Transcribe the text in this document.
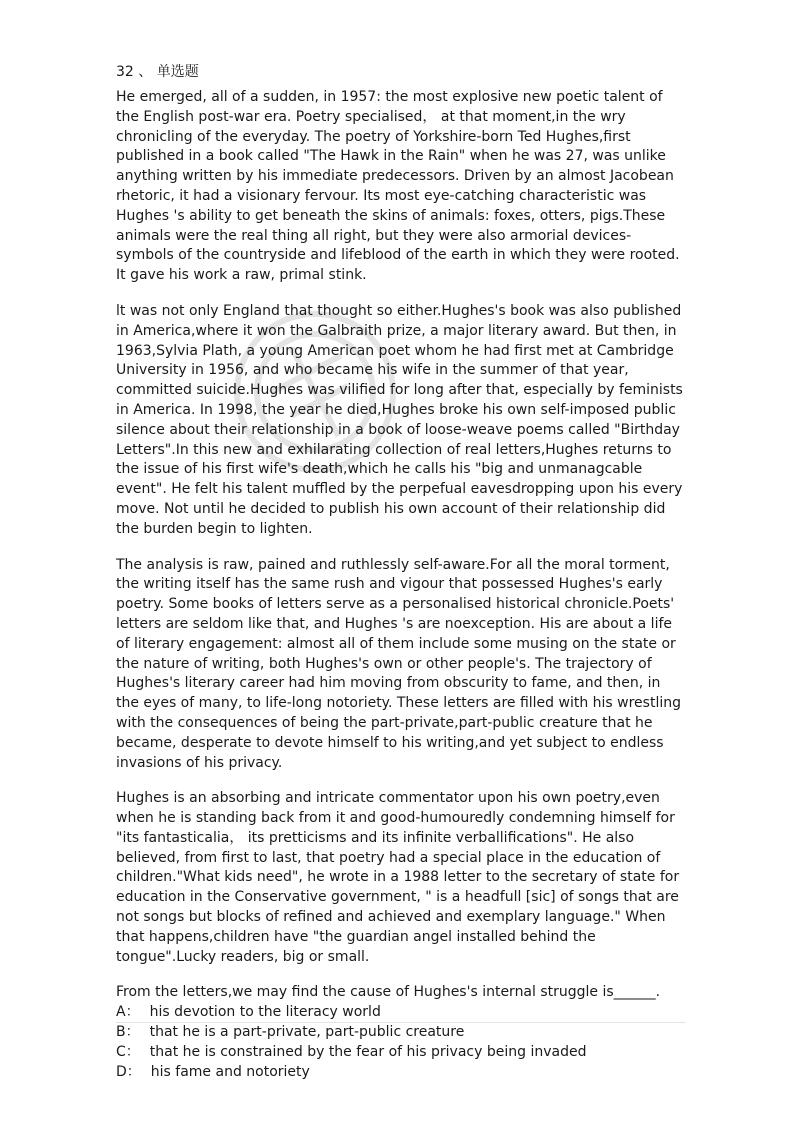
32 、 单选题

He emerged, all of a sudden, in 1957: the most explosive new poetic talent of the English post-war era. Poetry specialised， at that moment,in the wry chronicling of the everyday. The poetry of Yorkshire-born Ted Hughes,first published in a book called "The Hawk in the Rain" when he was 27, was unlike anything written by his immediate predecessors. Driven by an almost Jacobean rhetoric, it had a visionary fervour. Its most eye-catching characteristic was Hughes 's ability to get beneath the skins of animals: foxes, otters, pigs.These animals were the real thing all right, but they were also armorial devices-symbols of the countryside and lifeblood of the earth in which they were rooted. It gave his work a raw, primal stink.

lt was not only England that thought so either.Hughes's book was also published in America,where it won the Galbraith prize, a major literary award. But then, in 1963,Sylvia Plath, a young American poet whom he had first met at Cambridge University in 1956, and who became his wife in the summer of that year, committed suicide.Hughes was vilified for long after that, especially by feminists in America. In 1998, the year he died,Hughes broke his own self-imposed public silence about their relationship in a book of loose-weave poems called "Birthday Letters".In this new and exhilarating collection of real letters,Hughes returns to the issue of his first wife's death,which he calls his "big and unmanagcable event". He felt his talent muffled by the perpefual eavesdropping upon his every move. Not until he decided to publish his own account of their relationship did the burden begin to lighten.

The analysis is raw, pained and ruthlessly self-aware.For all the moral torment, the writing itself has the same rush and vigour that possessed Hughes's early poetry. Some books of letters serve as a personalised historical chronicle.Poets' letters are seldom like that, and Hughes 's are noexception. His are about a life of literary engagement: almost all of them include some musing on the state or the nature of writing, both Hughes's own or other people's. The trajectory of Hughes's literary career had him moving from obscurity to fame, and then, in the eyes of many, to life-long notoriety. These letters are filled with his wrestling with the consequences of being the part-private,part-public creature that he became, desperate to devote himself to his writing,and yet subject to endless invasions of his privacy.

Hughes is an absorbing and intricate commentator upon his own poetry,even when he is standing back from it and good-humouredly condemning himself for "its fantasticalia， its pretticisms and its infinite verballifications". He also believed, from first to last, that poetry had a special place in the education of children."What kids need", he wrote in a 1988 letter to the secretary of state for education in the Conservative government, " is a headfull [sic] of songs that are not songs but blocks of refined and achieved and exemplary language." When that happens,children have "the guardian angel installed behind the tongue".Lucky readers, big or small.

From the letters,we may find the cause of Hughes's internal struggle is______.

A： his devotion to the literacy world
B： that he is a part-private, part-public creature
C： that he is constrained by the fear of his privacy being invaded
D： his fame and notoriety
